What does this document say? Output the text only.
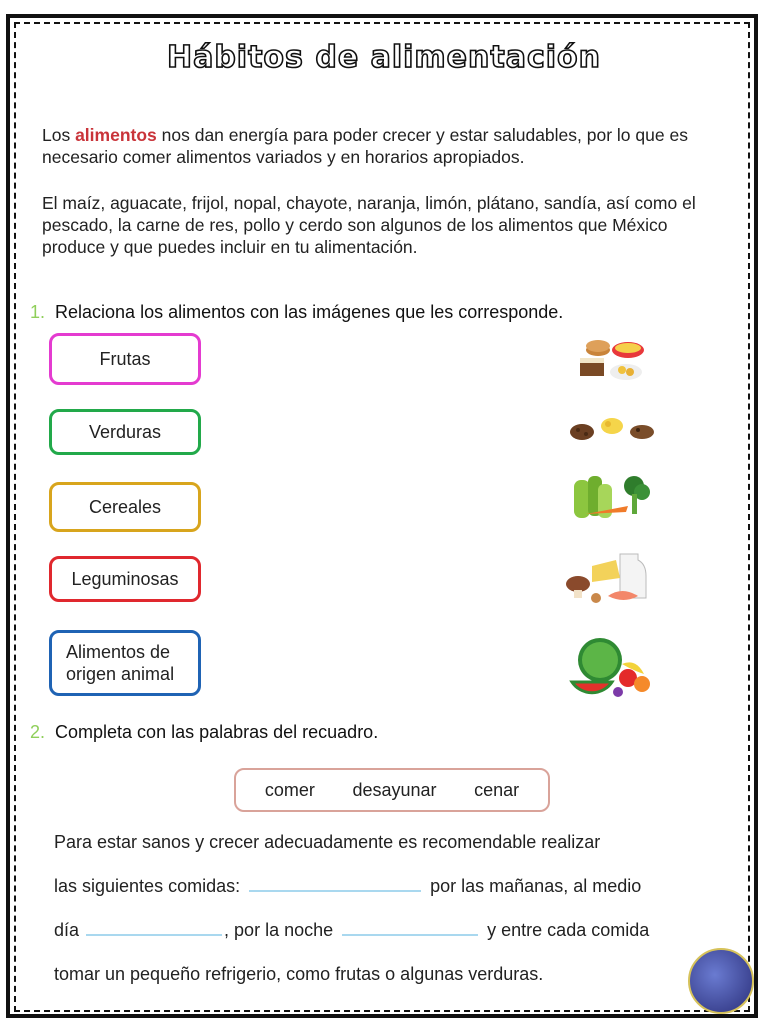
Hábitos de alimentación
Los alimentos nos dan energía para poder crecer y estar saludables, por lo que es necesario comer alimentos variados y en horarios apropiados.
El maíz, aguacate, frijol, nopal, chayote, naranja, limón, plátano, sandía, así como el pescado, la carne de res, pollo y cerdo son algunos de los alimentos que México produce y que puedes incluir en tu alimentación.
1. Relaciona los alimentos con las imágenes que les corresponde.
Frutas
Verduras
Cereales
Leguminosas
Alimentos de origen animal
2. Completa con las palabras del recuadro.
comer desayunar cenar
Para estar sanos y crecer adecuadamente es recomendable realizar
las siguientes comidas:	por las mañanas, al medio
día	, por la noche	y entre cada comida
tomar un pequeño refrigerio, como frutas o algunas verduras.
